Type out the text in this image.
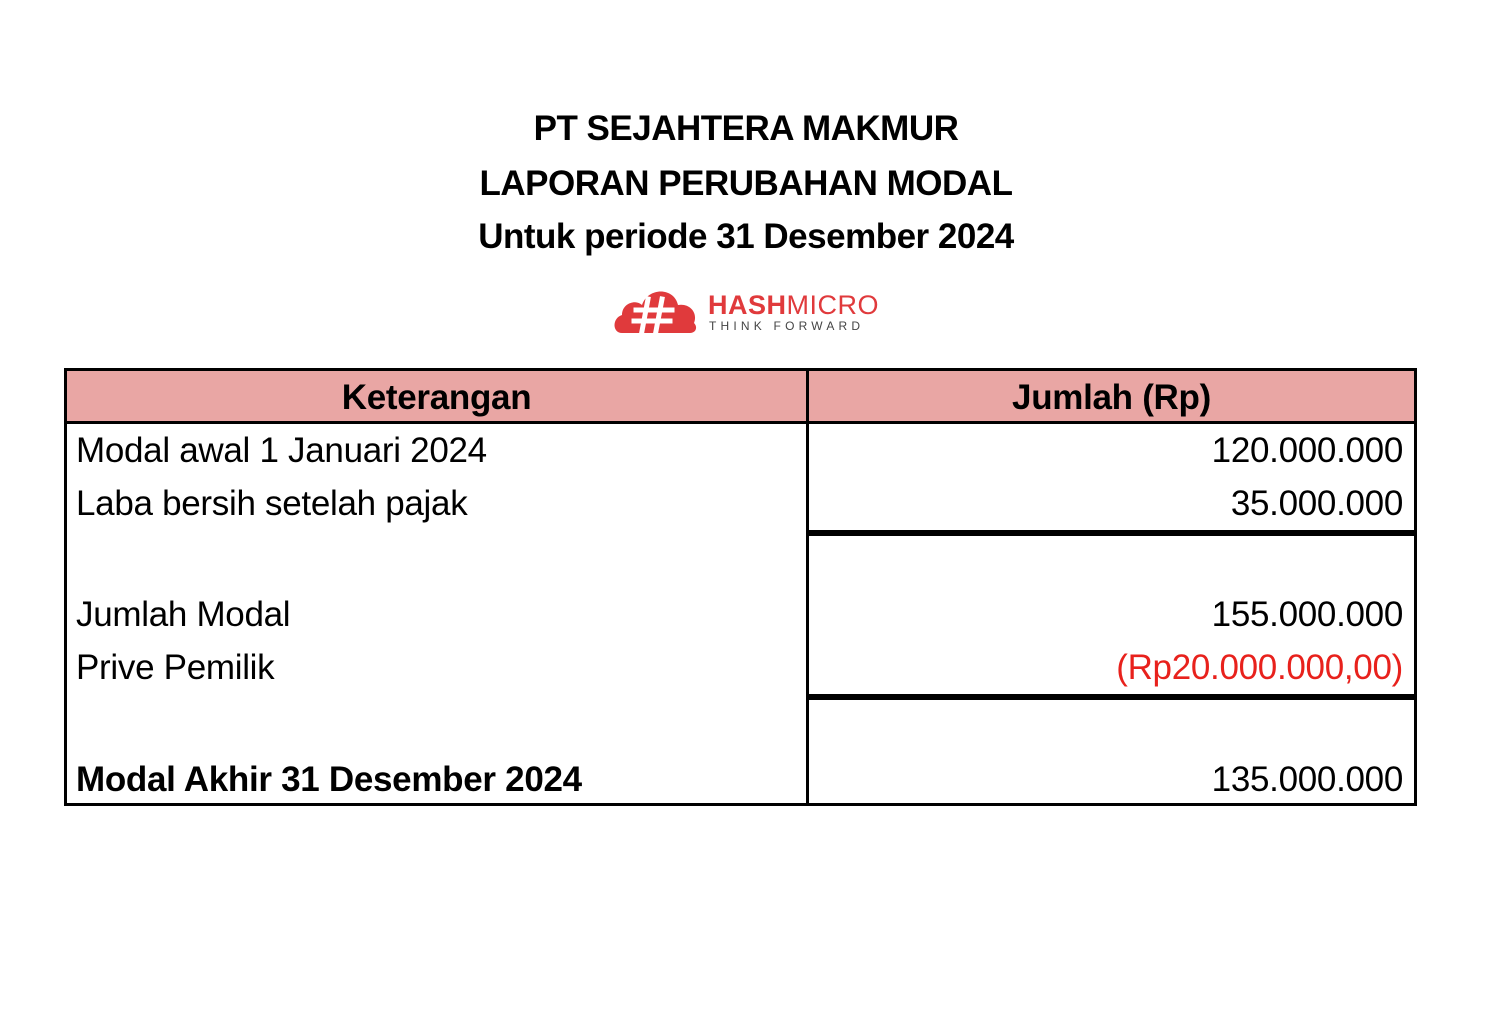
PT SEJAHTERA MAKMUR
LAPORAN PERUBAHAN MODAL
Untuk periode 31 Desember 2024
HASHMICRO
THINK FORWARD
Keterangan	Jumlah (Rp)
Modal awal 1 Januari 2024	120.000.000
Laba bersih setelah pajak	35.000.000
Jumlah Modal	155.000.000
Prive Pemilik	(Rp20.000.000,00)
Modal Akhir 31 Desember 2024	135.000.000
